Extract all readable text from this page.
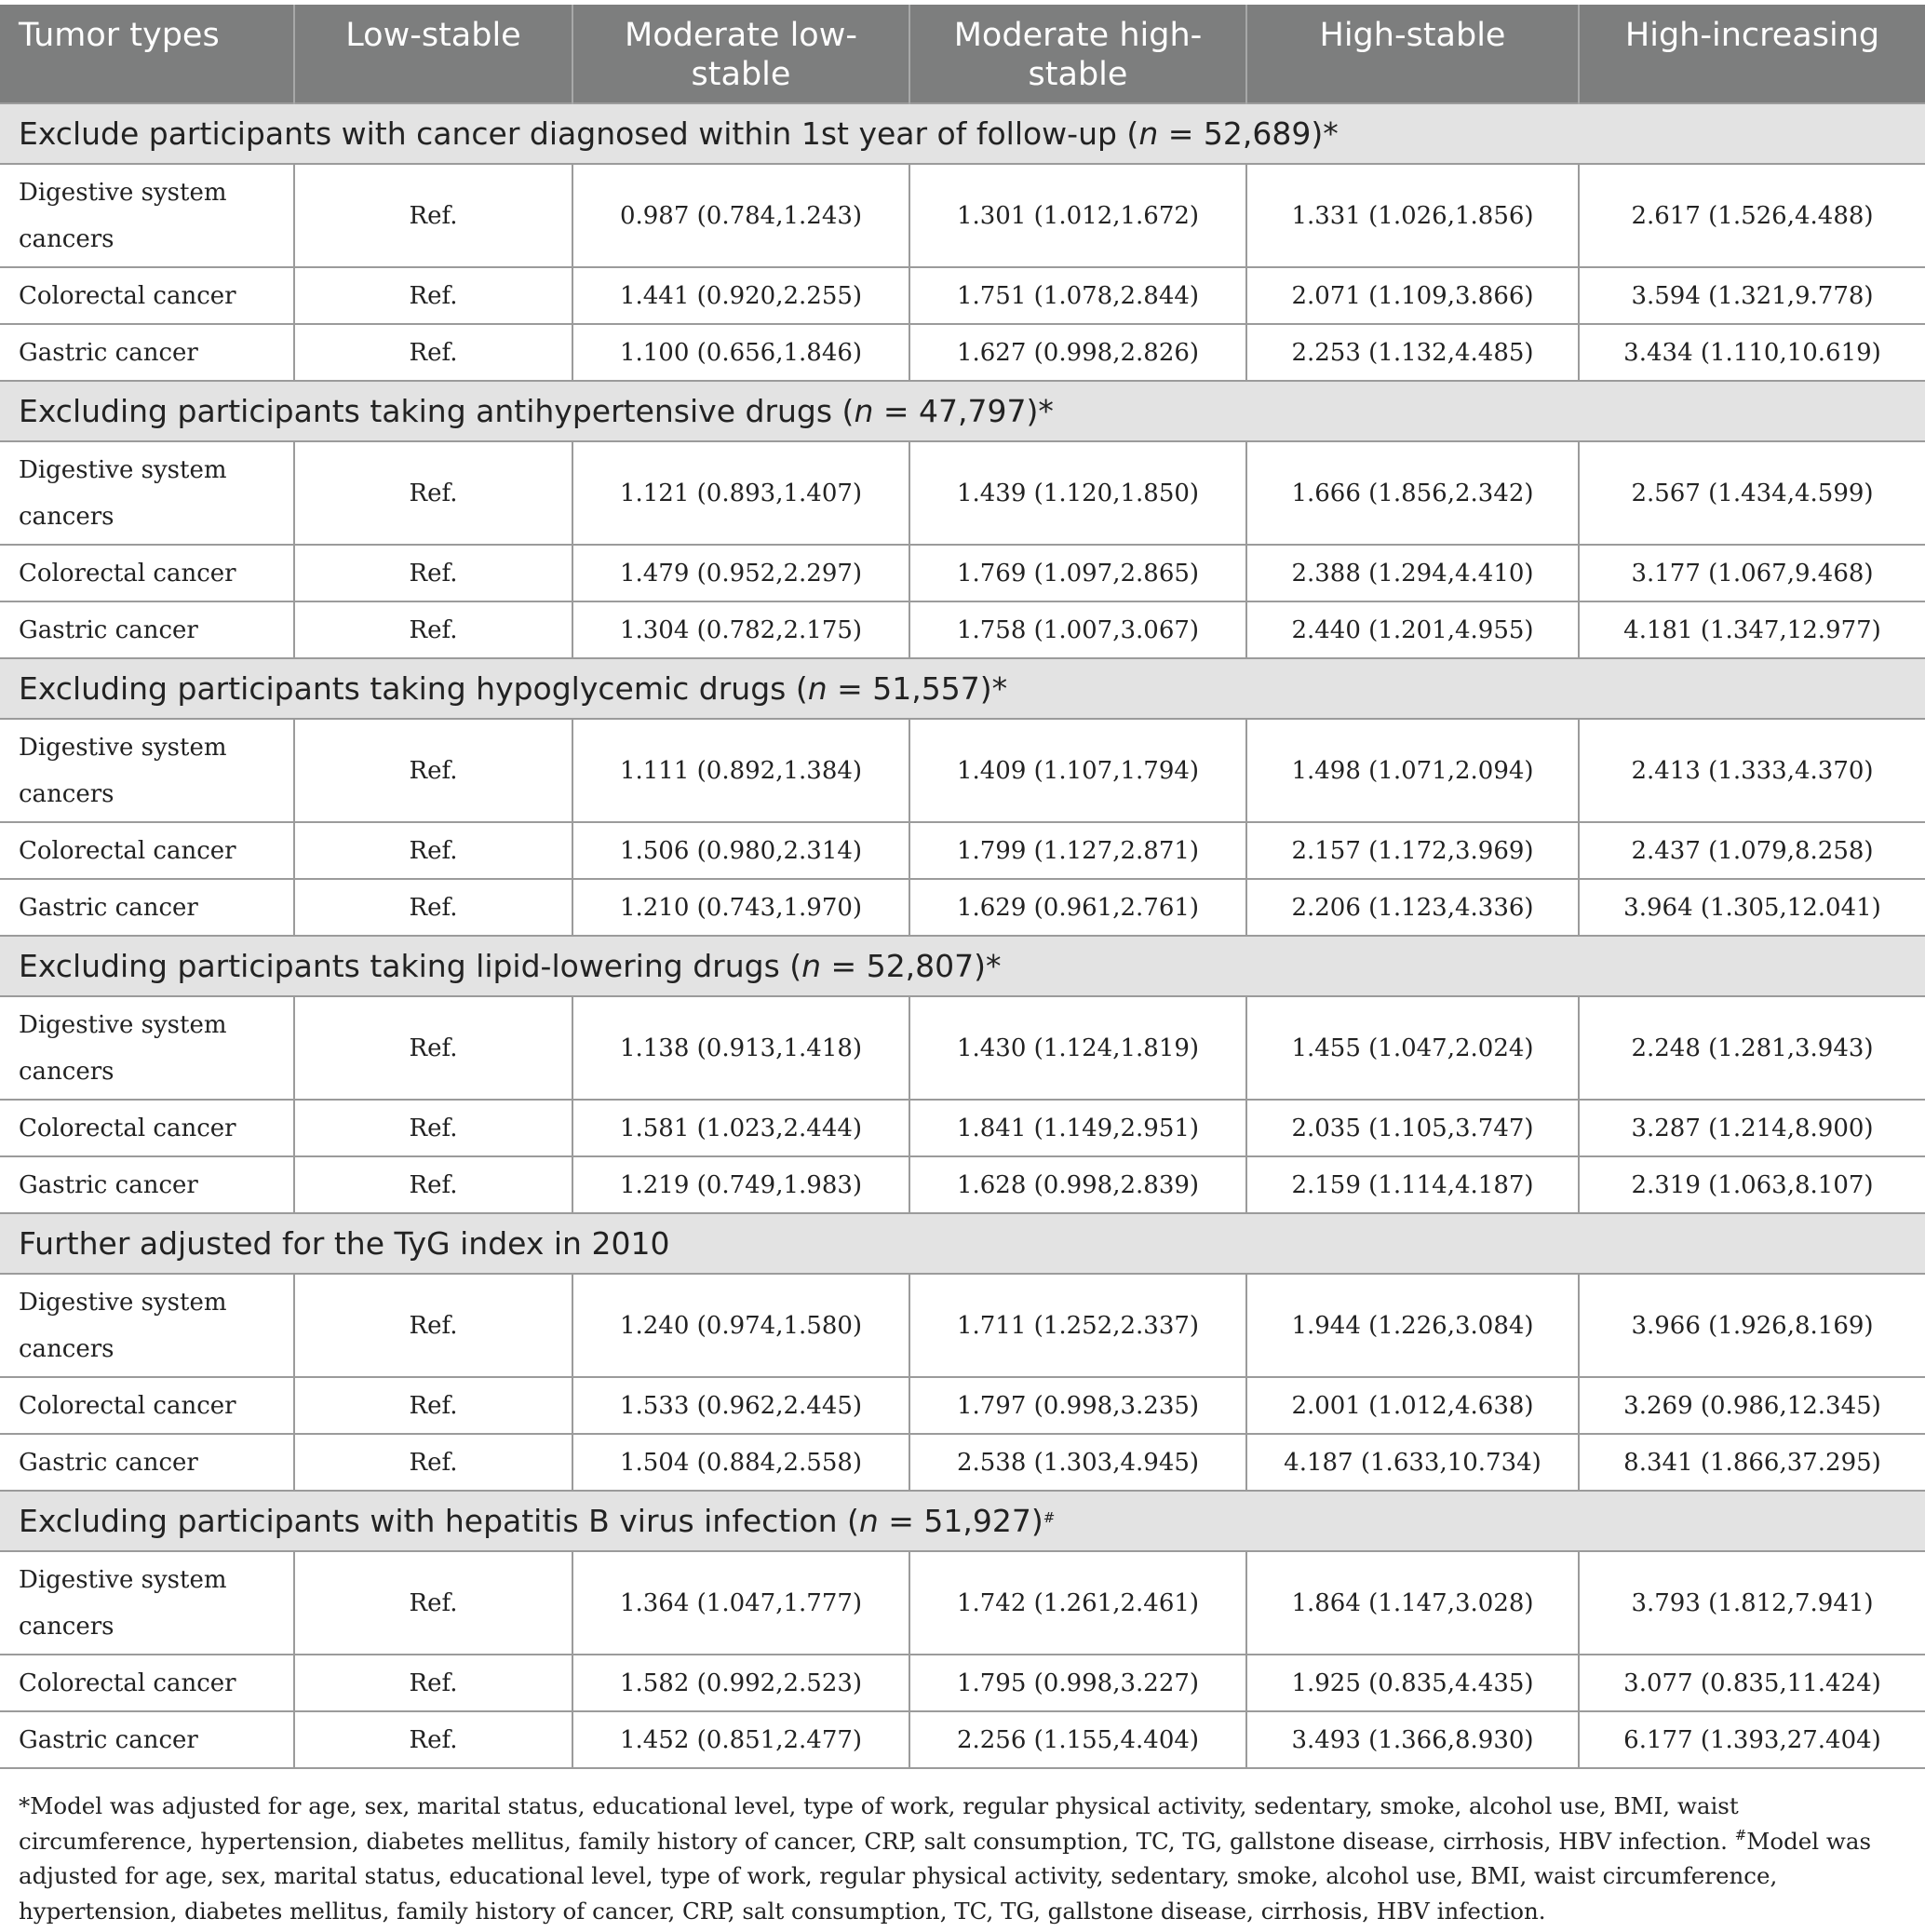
Tumor types	Low-stable	Moderate low-stable	Moderate high-stable	High-stable	High-increasing
Exclude participants with cancer diagnosed within 1st year of follow-up (n = 52,689)*					
Digestive system cancers	Ref.	0.987 (0.784,1.243)	1.301 (1.012,1.672)	1.331 (1.026,1.856)	2.617 (1.526,4.488)
Colorectal cancer	Ref.	1.441 (0.920,2.255)	1.751 (1.078,2.844)	2.071 (1.109,3.866)	3.594 (1.321,9.778)
Gastric cancer	Ref.	1.100 (0.656,1.846)	1.627 (0.998,2.826)	2.253 (1.132,4.485)	3.434 (1.110,10.619)
Excluding participants taking antihypertensive drugs (n = 47,797)*					
Digestive system cancers	Ref.	1.121 (0.893,1.407)	1.439 (1.120,1.850)	1.666 (1.856,2.342)	2.567 (1.434,4.599)
Colorectal cancer	Ref.	1.479 (0.952,2.297)	1.769 (1.097,2.865)	2.388 (1.294,4.410)	3.177 (1.067,9.468)
Gastric cancer	Ref.	1.304 (0.782,2.175)	1.758 (1.007,3.067)	2.440 (1.201,4.955)	4.181 (1.347,12.977)
Excluding participants taking hypoglycemic drugs (n = 51,557)*					
Digestive system cancers	Ref.	1.111 (0.892,1.384)	1.409 (1.107,1.794)	1.498 (1.071,2.094)	2.413 (1.333,4.370)
Colorectal cancer	Ref.	1.506 (0.980,2.314)	1.799 (1.127,2.871)	2.157 (1.172,3.969)	2.437 (1.079,8.258)
Gastric cancer	Ref.	1.210 (0.743,1.970)	1.629 (0.961,2.761)	2.206 (1.123,4.336)	3.964 (1.305,12.041)
Excluding participants taking lipid-lowering drugs (n = 52,807)*					
Digestive system cancers	Ref.	1.138 (0.913,1.418)	1.430 (1.124,1.819)	1.455 (1.047,2.024)	2.248 (1.281,3.943)
Colorectal cancer	Ref.	1.581 (1.023,2.444)	1.841 (1.149,2.951)	2.035 (1.105,3.747)	3.287 (1.214,8.900)
Gastric cancer	Ref.	1.219 (0.749,1.983)	1.628 (0.998,2.839)	2.159 (1.114,4.187)	2.319 (1.063,8.107)
Further adjusted for the TyG index in 2010					
Digestive system cancers	Ref.	1.240 (0.974,1.580)	1.711 (1.252,2.337)	1.944 (1.226,3.084)	3.966 (1.926,8.169)
Colorectal cancer	Ref.	1.533 (0.962,2.445)	1.797 (0.998,3.235)	2.001 (1.012,4.638)	3.269 (0.986,12.345)
Gastric cancer	Ref.	1.504 (0.884,2.558)	2.538 (1.303,4.945)	4.187 (1.633,10.734)	8.341 (1.866,37.295)
Excluding participants with hepatitis B virus infection (n = 51,927)#
Digestive system cancers	Ref.	1.364 (1.047,1.777)	1.742 (1.261,2.461)	1.864 (1.147,3.028)	3.793 (1.812,7.941)
Colorectal cancer	Ref.	1.582 (0.992,2.523)	1.795 (0.998,3.227)	1.925 (0.835,4.435)	3.077 (0.835,11.424)
Gastric cancer	Ref.	1.452 (0.851,2.477)	2.256 (1.155,4.404)	3.493 (1.366,8.930)	6.177 (1.393,27.404)
*Model was adjusted for age, sex, marital status, educational level, type of work, regular physical activity, sedentary, smoke, alcohol use, BMI, waist circumference, hypertension, diabetes mellitus, family history of cancer, CRP, salt consumption, TC, TG, gallstone disease, cirrhosis, HBV infection. #Model was adjusted for age, sex, marital status, educational level, type of work, regular physical activity, sedentary, smoke, alcohol use, BMI, waist circumference, hypertension, diabetes mellitus, family history of cancer, CRP, salt consumption, TC, TG, gallstone disease, cirrhosis, HBV infection.
